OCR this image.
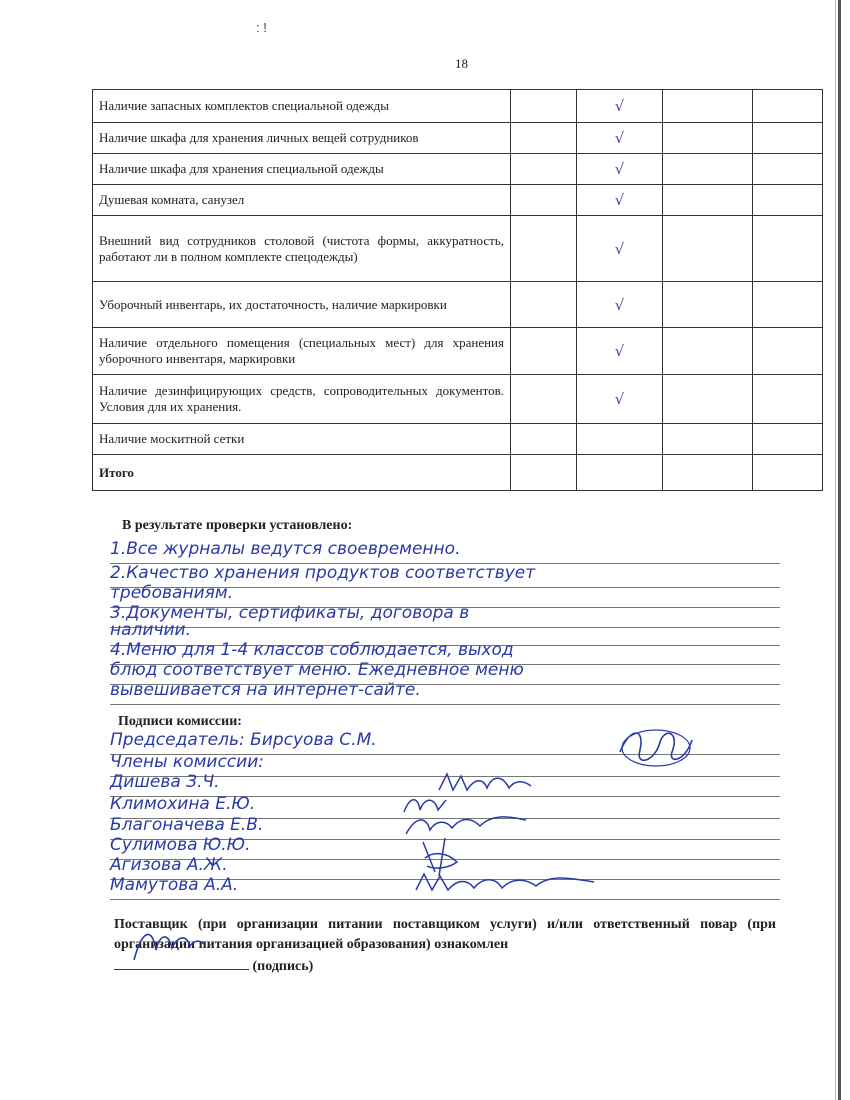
: !
18
Наличие запасных комплектов специальной одежды		√		
Наличие шкафа для хранения личных вещей сотрудников		√		
Наличие шкафа для хранения специальной одежды		√		
Душевая комната, санузел		√		
Внешний вид сотрудников столовой (чистота формы, аккуратность, работают ли в полном комплекте спецодежды)		√		
Уборочный инвентарь, их достаточность, наличие маркировки		√		
Наличие отдельного помещения (специальных мест) для хранения уборочного инвентаря, маркировки		√		
Наличие дезинфицирующих средств, сопроводительных документов. Условия для их хранения.		√		
Наличие москитной сетки				
Итого				
В результате проверки установлено:
1.Все журналы ведутся своевременно.
2.Качество хранения продуктов соответствует
требованиям.
3.Документы, сертификаты, договора в
наличии.
4.Меню для 1-4 классов соблюдается, выход
блюд соответствует меню. Ежедневное меню
вывешивается на интернет-сайте.
Подписи комиссии:
Председатель: Бирсуова С.М.
Члены комиссии:
Дишева З.Ч.
Климохина Е.Ю.
Благоначева Е.В.
Сулимова Ю.Ю.
Агизова А.Ж.
Мамутова А.А.
Поставщик (при организации питании поставщиком услуги) и/или ответственный повар (при организации питания организацией образования) ознакомлен
(подпись)
